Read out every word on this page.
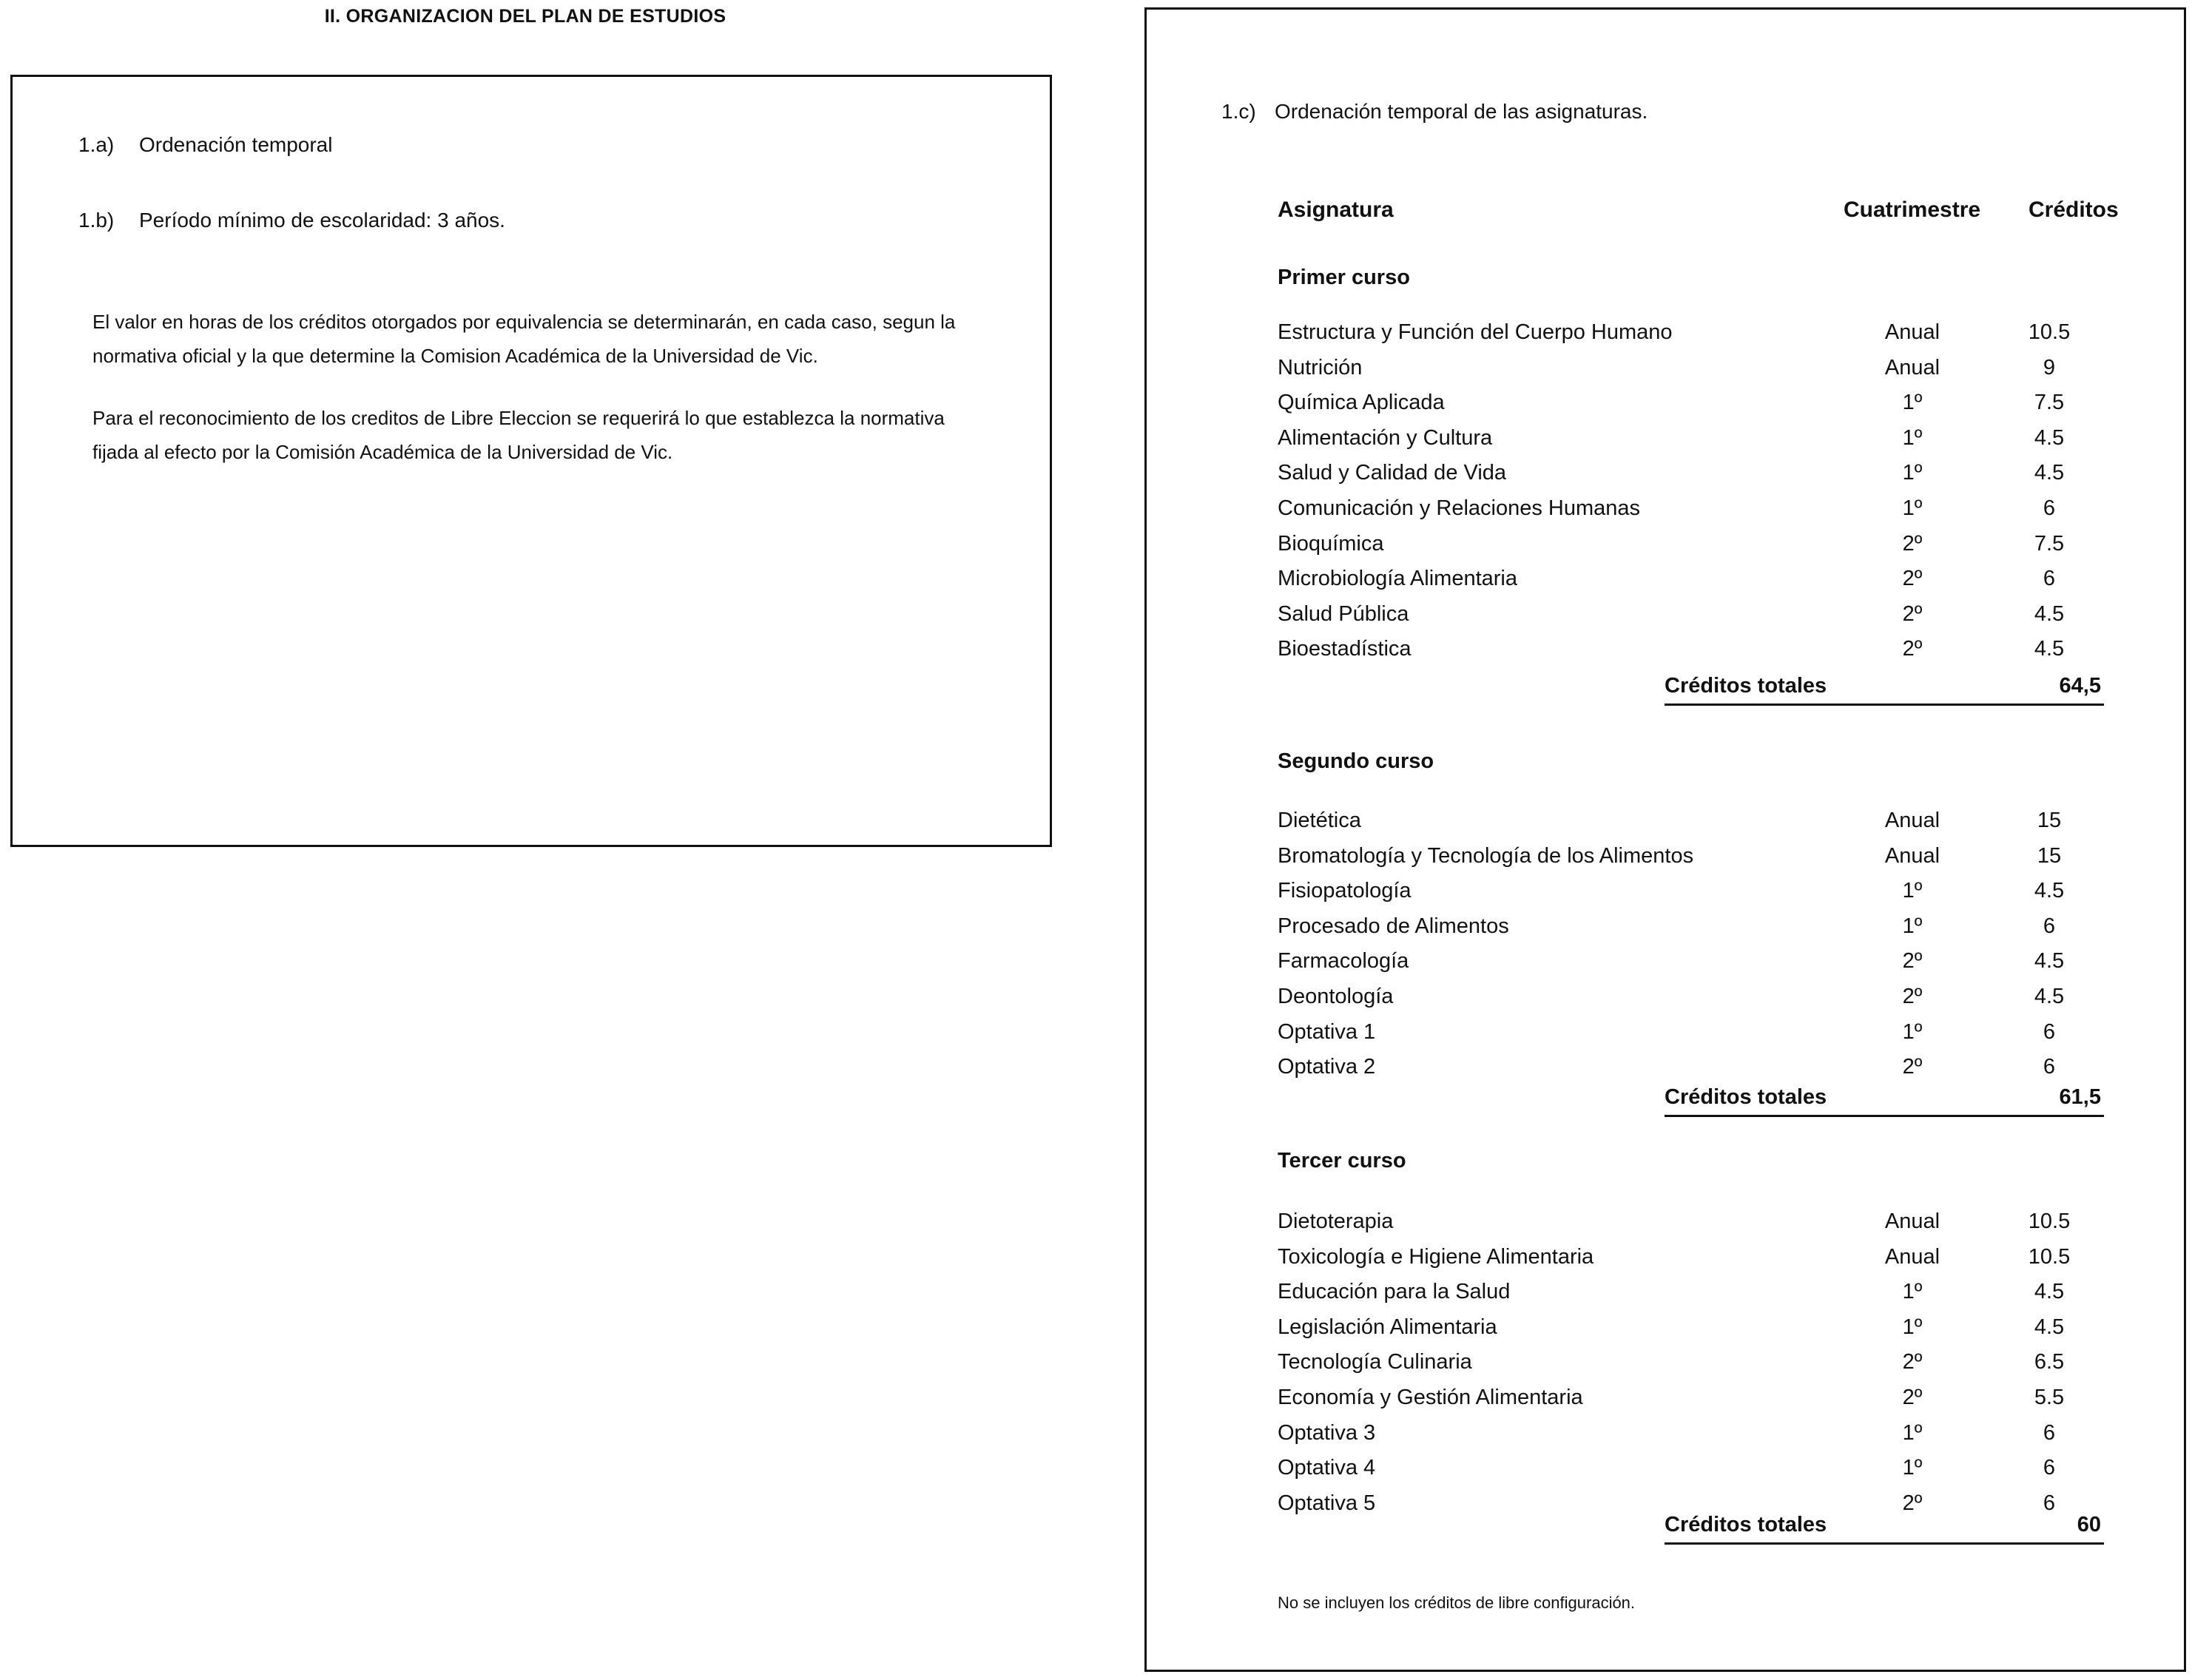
II. ORGANIZACION DEL PLAN DE ESTUDIOS
1.a)	Ordenación temporal
1.b)	Período mínimo de escolaridad: 3 años.

El valor en horas de los créditos otorgados por equivalencia se determinarán, en cada caso, segun la normativa oficial y la que determine la Comision Académica de la Universidad de Vic.

Para el reconocimiento de los creditos de Libre Eleccion se requerirá lo que establezca la normativa fijada al efecto por la Comisión Académica de la Universidad de Vic.

1.c) Ordenación temporal de las asignaturas.
Asignatura	Cuatrimestre Créditos
Primer curso
Estructura y Función del Cuerpo Humano	Anual	10.5
Nutrición	Anual	9
Química Aplicada	1º	7.5
Alimentación y Cultura	1º	4.5
Salud y Calidad de Vida	1º	4.5
Comunicación y Relaciones Humanas	1º	6
Bioquímica	2º	7.5
Microbiología Alimentaria	2º	6
Salud Pública	2º	4.5
Bioestadística	2º	4.5
Créditos totales	64,5
Segundo curso
Dietética	Anual	15
Bromatología y Tecnología de los Alimentos	Anual	15
Fisiopatología	1º	4.5
Procesado de Alimentos	1º	6
Farmacología	2º	4.5
Deontología	2º	4.5
Optativa 1	1º	6
Optativa 2	2º	6
Créditos totales	61,5
Tercer curso
Dietoterapia	Anual	10.5
Toxicología e Higiene Alimentaria	Anual	10.5
Educación para la Salud	1º	4.5
Legislación Alimentaria	1º	4.5
Tecnología Culinaria	2º	6.5
Economía y Gestión Alimentaria	2º	5.5
Optativa 3	1º	6
Optativa 4	1º	6
Optativa 5	2º	6
Créditos totales	60
No se incluyen los créditos de libre configuración.
